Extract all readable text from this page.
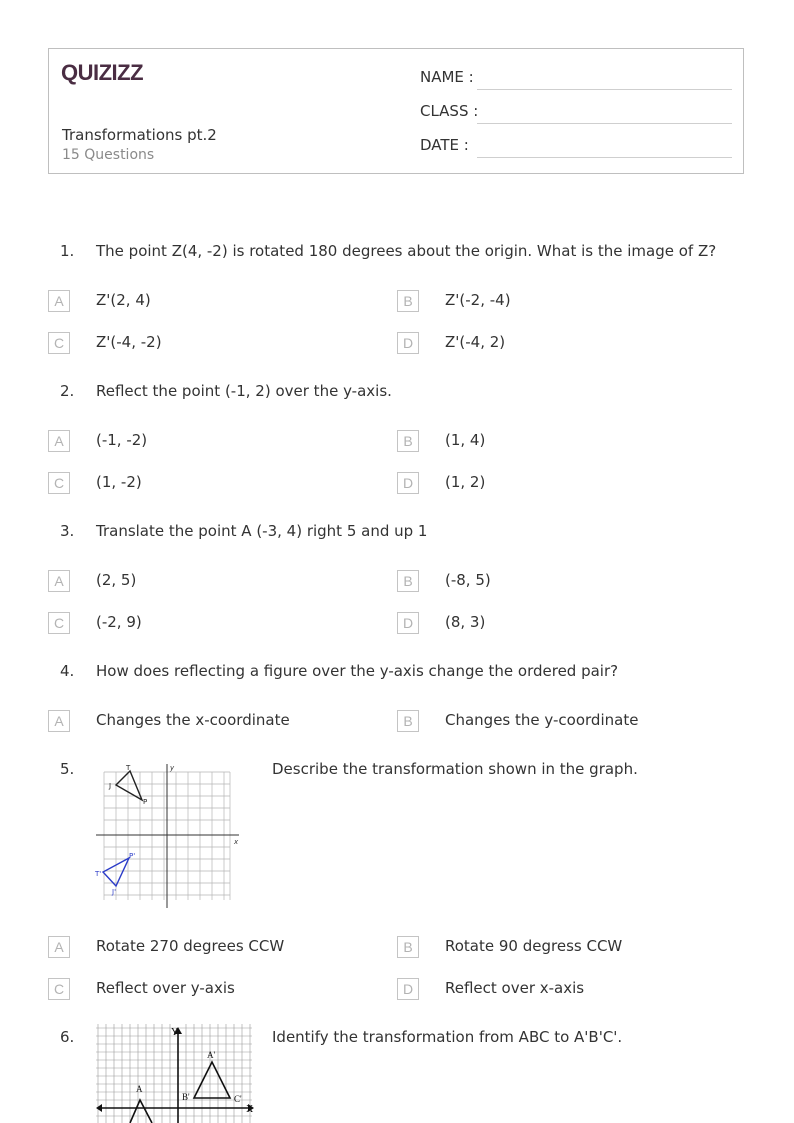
QUIZIZZ
Transformations pt.2
15 Questions
NAME :
CLASS :
DATE :
1. The point Z(4, -2) is rotated 180 degrees about the origin. What is the image of Z?
A	Z'(2, 4)	B	Z'(-2, -4)
C	Z'(-4, -2)	D	Z'(-4, 2)
2. Reflect the point (-1, 2) over the y-axis.
A	(-1, -2)	B	(1, 4)
C	(1, -2)	D	(1, 2)
3. Translate the point A (-3, 4) right 5 and up 1
A	(2, 5)	B	(-8, 5)
C	(-2, 9)	D	(8, 3)
4. How does reflecting a figure over the y-axis change the ordered pair?
A	Changes the x-coordinate	B	Changes the y-coordinate
5.
x
y
T
J
P
T'
J'
P'
Describe the transformation shown in the graph.
A	Rotate 270 degrees CCW	B	Rotate 90 degress CCW
C	Reflect over y-axis	D	Reflect over x-axis
6.
X
Y
A'
B'	C'
A
Identify the transformation from ABC to A'B'C'.
